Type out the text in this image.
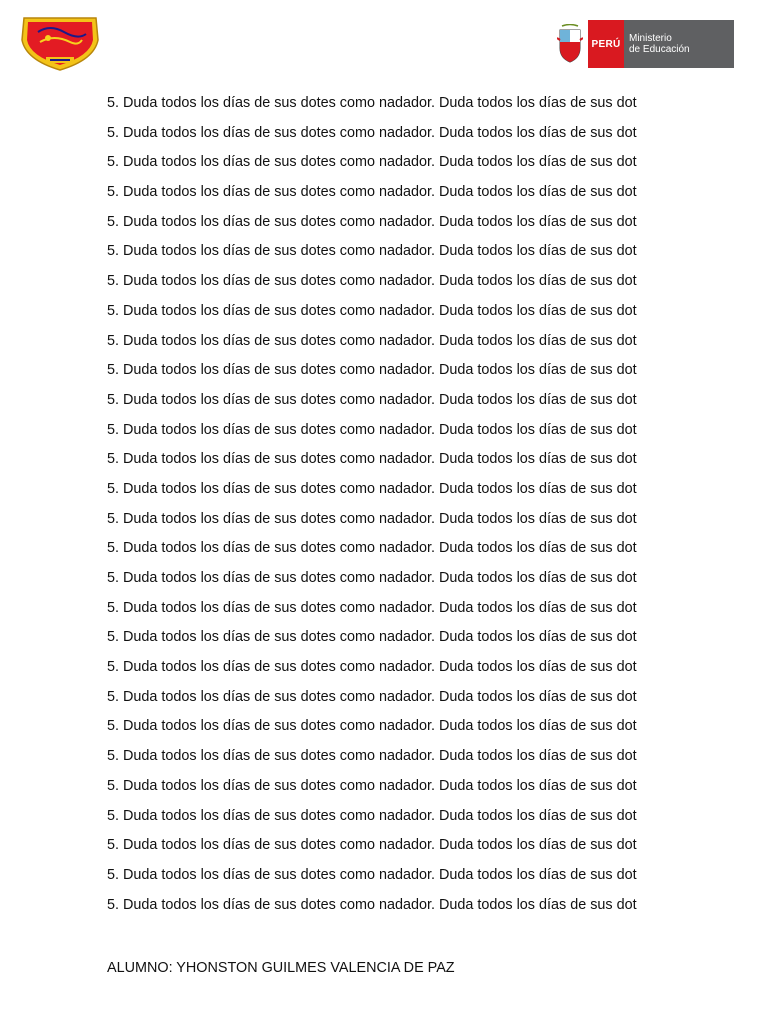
PERÚ Ministerio
de Educación
5. Duda todos los días de sus dotes como nadador. Duda todos los días de sus dot
5. Duda todos los días de sus dotes como nadador. Duda todos los días de sus dot
5. Duda todos los días de sus dotes como nadador. Duda todos los días de sus dot
5. Duda todos los días de sus dotes como nadador. Duda todos los días de sus dot
5. Duda todos los días de sus dotes como nadador. Duda todos los días de sus dot
5. Duda todos los días de sus dotes como nadador. Duda todos los días de sus dot
5. Duda todos los días de sus dotes como nadador. Duda todos los días de sus dot
5. Duda todos los días de sus dotes como nadador. Duda todos los días de sus dot
5. Duda todos los días de sus dotes como nadador. Duda todos los días de sus dot
5. Duda todos los días de sus dotes como nadador. Duda todos los días de sus dot
5. Duda todos los días de sus dotes como nadador. Duda todos los días de sus dot
5. Duda todos los días de sus dotes como nadador. Duda todos los días de sus dot
5. Duda todos los días de sus dotes como nadador. Duda todos los días de sus dot
5. Duda todos los días de sus dotes como nadador. Duda todos los días de sus dot
5. Duda todos los días de sus dotes como nadador. Duda todos los días de sus dot
5. Duda todos los días de sus dotes como nadador. Duda todos los días de sus dot
5. Duda todos los días de sus dotes como nadador. Duda todos los días de sus dot
5. Duda todos los días de sus dotes como nadador. Duda todos los días de sus dot
5. Duda todos los días de sus dotes como nadador. Duda todos los días de sus dot
5. Duda todos los días de sus dotes como nadador. Duda todos los días de sus dot
5. Duda todos los días de sus dotes como nadador. Duda todos los días de sus dot
5. Duda todos los días de sus dotes como nadador. Duda todos los días de sus dot
5. Duda todos los días de sus dotes como nadador. Duda todos los días de sus dot
5. Duda todos los días de sus dotes como nadador. Duda todos los días de sus dot
5. Duda todos los días de sus dotes como nadador. Duda todos los días de sus dot
5. Duda todos los días de sus dotes como nadador. Duda todos los días de sus dot
5. Duda todos los días de sus dotes como nadador. Duda todos los días de sus dot
5. Duda todos los días de sus dotes como nadador. Duda todos los días de sus dot
ALUMNO: YHONSTON GUILMES VALENCIA DE PAZ
